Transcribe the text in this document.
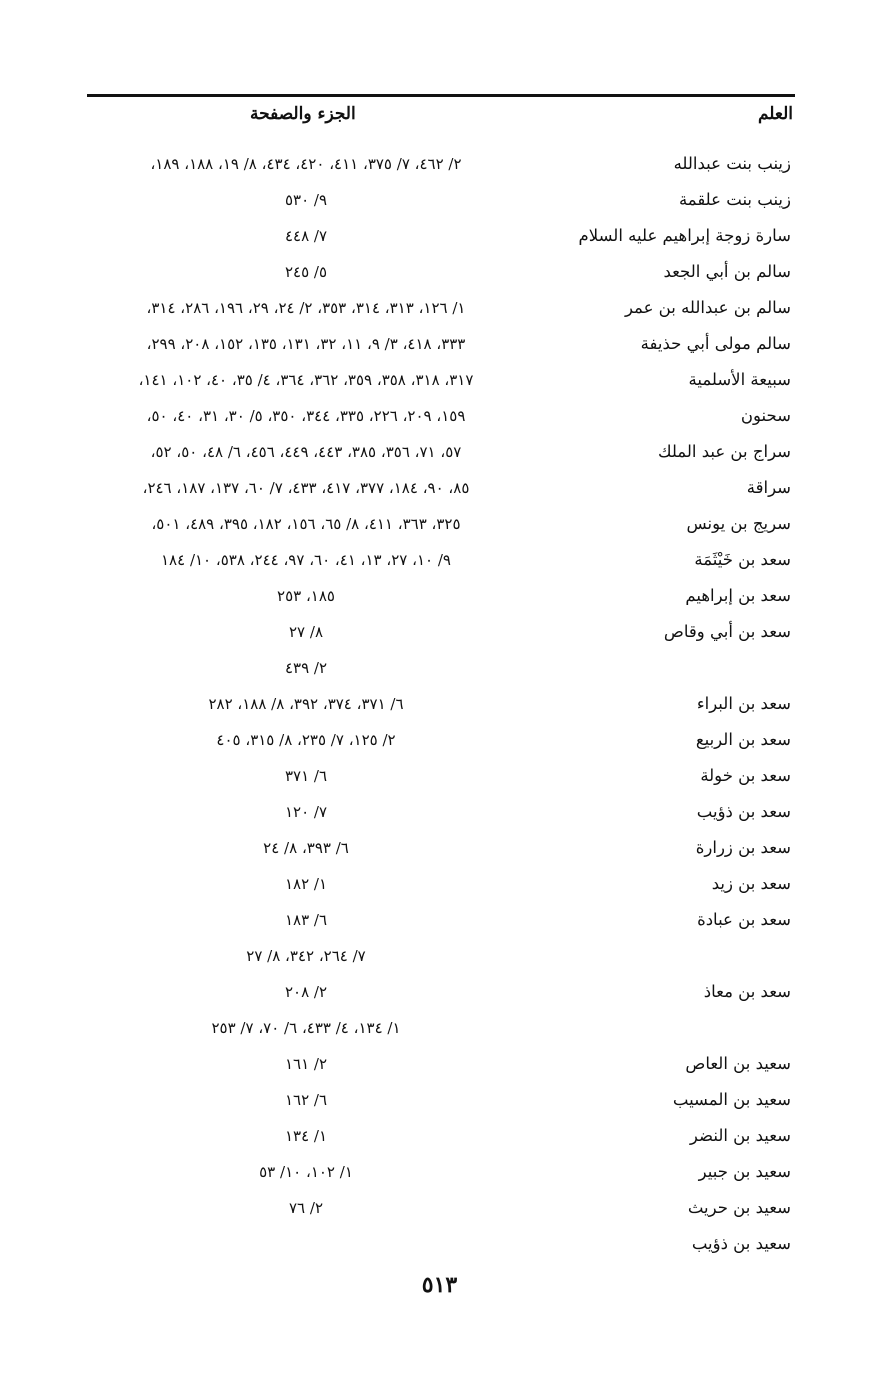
العلم
الجزء والصفحة
زينب بنت عبدالله
زينب بنت علقمة
سارة زوجة إبراهيم عليه السلام
سالم بن أبي الجعد
سالم بن عبدالله بن عمر
سالم مولى أبي حذيفة
سبيعة الأسلمية
سحنون
سراج بن عبد الملك
سراقة
سريج بن يونس
سعد بن خَيْثَمَة
سعد بن إبراهيم
سعد بن أبي وقاص
سعد بن البراء
سعد بن الربيع
سعد بن خولة
سعد بن ذؤيب
سعد بن زرارة
سعد بن زيد
سعد بن عبادة
سعد بن معاذ
سعيد بن العاص
سعيد بن المسيب
سعيد بن النضر
سعيد بن جبير
سعيد بن حريث
سعيد بن ذؤيب
٢/ ٤٦٢، ٧/ ٣٧٥، ٤١١، ٤٢٠، ٤٣٤، ٨/ ١٩، ١٨٨، ١٨٩،
٩/ ٥٣٠
٧/ ٤٤٨
٥/ ٢٤٥
١/ ١٢٦، ٣١٣، ٣١٤، ٣٥٣، ٢/ ٢٤، ٢٩، ١٩٦، ٢٨٦، ٣١٤،
٣٣٣، ٤١٨، ٣/ ٩، ١١، ٣٢، ١٣١، ١٣٥، ١٥٢، ٢٠٨، ٢٩٩،
٣١٧، ٣١٨، ٣٥٨، ٣٥٩، ٣٦٢، ٣٦٤، ٤/ ٣٥، ٤٠، ١٠٢، ١٤١،
١٥٩، ٢٠٩، ٢٢٦، ٣٣٥، ٣٤٤، ٣٥٠، ٥/ ٣٠، ٣١، ٤٠، ٥٠،
٥٧، ٧١، ٣٥٦، ٣٨٥، ٤٤٣، ٤٤٩، ٤٥٦، ٦/ ٤٨، ٥٠، ٥٢،
٨٥، ٩٠، ١٨٤، ٣٧٧، ٤١٧، ٤٣٣، ٧/ ٦٠، ١٣٧، ١٨٧، ٢٤٦،
٣٢٥، ٣٦٣، ٤١١، ٨/ ٦٥، ١٥٦، ١٨٢، ٣٩٥، ٤٨٩، ٥٠١،
٩/ ١٠، ٢٧، ١٣، ٤١، ٦٠، ٩٧، ٢٤٤، ٥٣٨، ١٠/ ١٨٤
١٨٥، ٢٥٣
٨/ ٢٧
٢/ ٤٣٩
٦/ ٣٧١، ٣٧٤، ٣٩٢، ٨/ ١٨٨، ٢٨٢
٢/ ١٢٥، ٧/ ٢٣٥، ٨/ ٣١٥، ٤٠٥
٦/ ٣٧١
٧/ ١٢٠
٦/ ٣٩٣، ٨/ ٢٤
١/ ١٨٢
٦/ ١٨٣
٧/ ٢٦٤، ٣٤٢، ٨/ ٢٧
٢/ ٢٠٨
١/ ١٣٤، ٤/ ٤٣٣، ٦/ ٧٠، ٧/ ٢٥٣
٢/ ١٦١
٦/ ١٦٢
١/ ١٣٤
١/ ١٠٢، ١٠/ ٥٣
٢/ ٧٦
٥١٣
